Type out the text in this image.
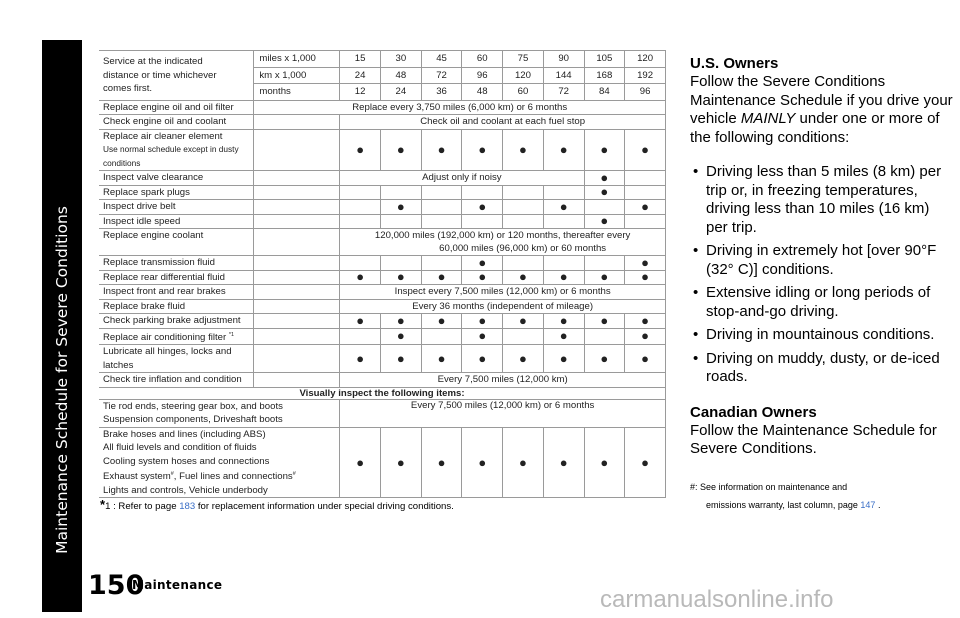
Maintenance Schedule for Severe Conditions
Service at the indicated
distance or time whichever
comes first.	miles x 1,000	15	30	45	60	75	90	105	120
	km x 1,000	24	48	72	96	120	144	168	192
	months	12	24	36	48	60	72	84	96
Replace engine oil and oil filter	Replace every 3,750 miles (6,000 km) or 6 months								
Check engine oil and coolant		Check oil and coolant at each fuel stop							

Replace air cleaner element
Use normal schedule except in dusty conditions		●	●	●	●	●	●	●	●
Inspect valve clearance		Adjust only if noisy						●	
Replace spark plugs								●	
Inspect drive belt			●		●		●		●
Inspect idle speed								●	
Replace engine coolant		120,000 miles (192,000 km) or 120 months, thereafter every
60,000 miles (96,000 km) or 60 months							

Replace transmission fluid					●				●
Replace rear differential fluid		●	●	●	●	●	●	●	●
Inspect front and rear brakes		Inspect every 7,500 miles (12,000 km) or 6 months							
Replace brake fluid		Every 36 months (independent of mileage)							
Check parking brake adjustment		●	●	●	●	●	●	●	●
Replace air conditioning filter $^{*1}$			●		●		●		●
Lubricate all hinges, locks and latches		●	●	●	●	●	●	●	●
Check tire inflation and condition		Every 7,500 miles (12,000 km)							
Visually inspect the following items:									

Tie rod ends, steering gear box, and boots
Suspension components, Driveshaft boots		Every 7,500 miles (12,000 km) or 6 months							

Brake hoses and lines (including ABS)
All fluid levels and condition of fluids
Cooling system hoses and connections
Exhaust system#, Fuel lines and connections#
Lights and controls, Vehicle underbody		●	●	●	●	●	●	●	●
*1 : Refer to page 183 for replacement information under special driving conditions.
U.S. Owners
Follow the Severe Conditions Maintenance Schedule if you drive your vehicle MAINLY under one or more of the following conditions:
• Driving less than 5 miles (8 km) per trip or, in freezing temperatures, driving less than 10 miles (16 km) per trip.
• Driving in extremely hot [over 90°F (32° C)] conditions.
• Extensive idling or long periods of stop-and-go driving.
• Driving in mountainous conditions.
• Driving on muddy, dusty, or de-iced roads.
Canadian Owners
Follow the Maintenance Schedule for Severe Conditions.
#: See information on maintenance and
emissions warranty, last column, page 147 .
150
Maintenance
carmanualsonline.info
